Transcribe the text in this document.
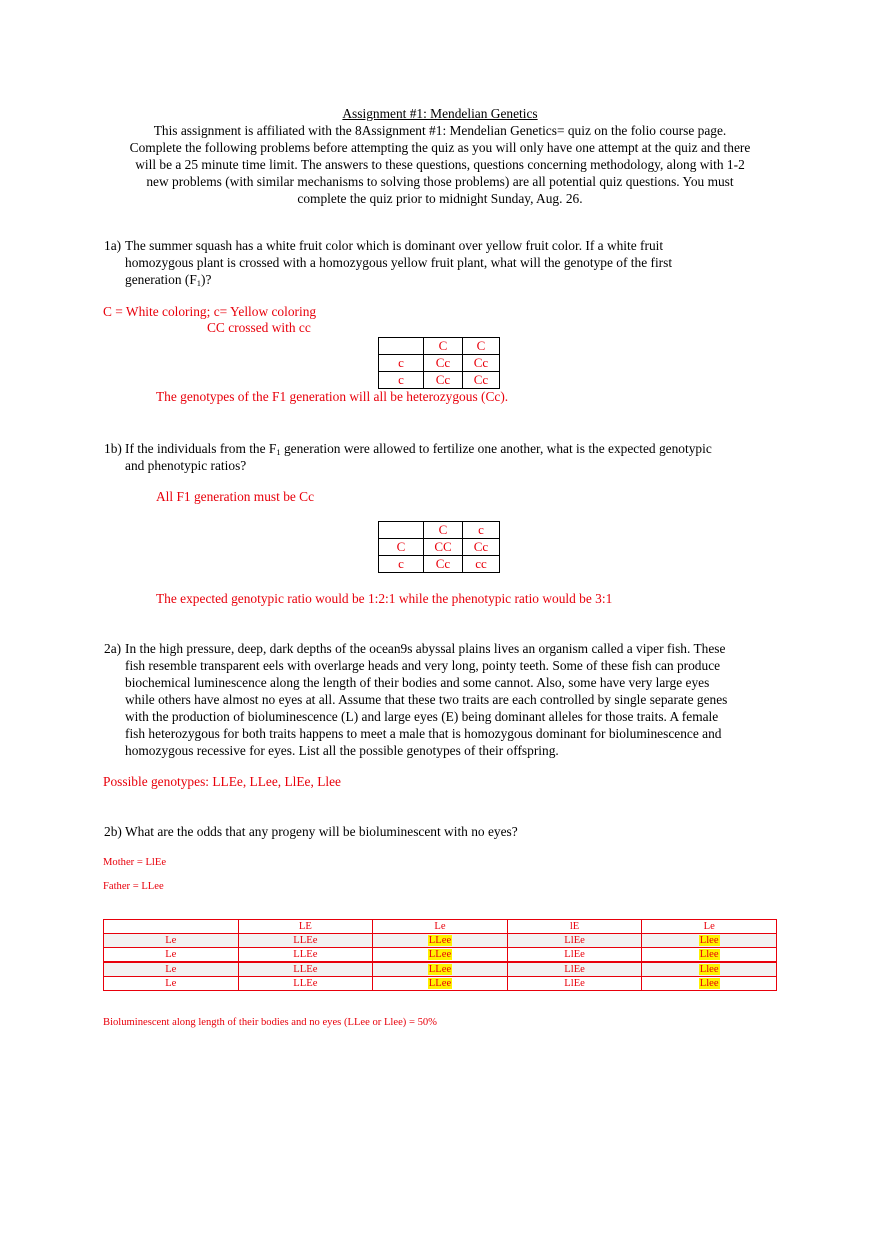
Assignment #1: Mendelian Genetics
This assignment is affiliated with the 8Assignment #1: Mendelian Genetics= quiz on the folio course page.
Complete the following problems before attempting the quiz as you will only have one attempt at the quiz and there
will be a 25 minute time limit. The answers to these questions, questions concerning methodology, along with 1-2
new problems (with similar mechanisms to solving those problems) are all potential quiz questions. You must
complete the quiz prior to midnight Sunday, Aug. 26.
1a) The summer squash has a white fruit color which is dominant over yellow fruit color. If a white fruit
homozygous plant is crossed with a homozygous yellow fruit plant, what will the genotype of the first
generation $(F_1)$?
C = White coloring; c= Yellow coloring
CC crossed with cc
	C	C
c	Cc	Cc
c	Cc	Cc
The genotypes of the F1 generation will all be heterozygous (Cc).
1b) If the individuals from the $F_1$ generation were allowed to fertilize one another, what is the expected genotypic
and phenotypic ratios?
All F1 generation must be Cc
	C	c
C	CC	Cc
c	Cc	cc
The expected genotypic ratio would be 1:2:1 while the phenotypic ratio would be 3:1
2a) In the high pressure, deep, dark depths of the ocean9s abyssal plains lives an organism called a viper fish. These
fish resemble transparent eels with overlarge heads and very long, pointy teeth. Some of these fish can produce
biochemical luminescence along the length of their bodies and some cannot. Also, some have very large eyes
while others have almost no eyes at all. Assume that these two traits are each controlled by single separate genes
with the production of bioluminescence (L) and large eyes (E) being dominant alleles for those traits. A female
fish heterozygous for both traits happens to meet a male that is homozygous dominant for bioluminescence and
homozygous recessive for eyes. List all the possible genotypes of their offspring.
Possible genotypes: LLEe, LLee, LlEe, Llee
2b) What are the odds that any progeny will be bioluminescent with no eyes?
Mother = LlEe
Father = LLee
	LE	Le	lE	Le
Le	LLEe	LLee	LlEe	Llee
Le	LLEe	LLee	LlEe	Llee
Le	LLEe	LLee	LlEe	Llee
Le	LLEe	LLee	LlEe	Llee
Bioluminescent along length of their bodies and no eyes (LLee or Llee) = 50%
